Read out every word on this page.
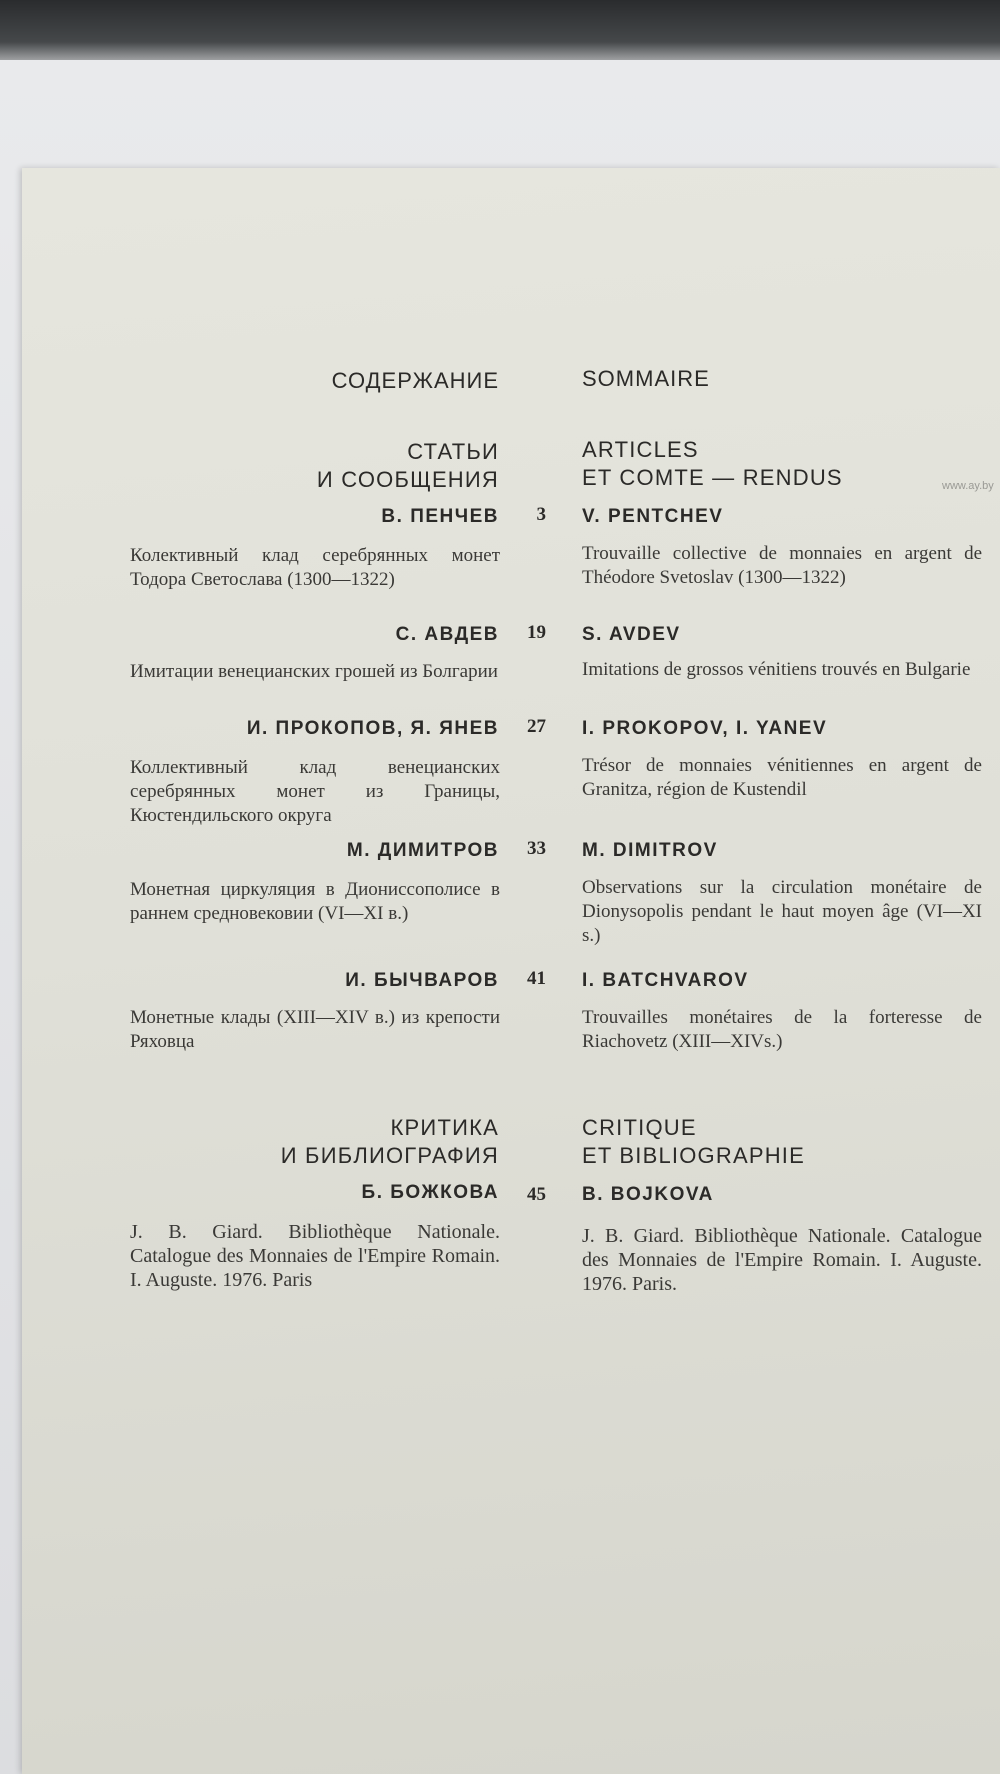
www.ay.by
СОДЕРЖАНИЕ	SOMMAIRE
СТАТЬИ
И СООБЩЕНИЯ
ARTICLES
ET COMTE — RENDUS
В. ПЕНЧЕВ	3 V. PENTCHEV
Колективный клад серебрянных монет Тодора Светослава (1300—1322)
Trouvaille collective de monnaies en argent de Théodore Svetoslav (1300—1322)
С. АВДЕВ	19 S. AVDEV
Имитации венецианских грошей из Болгарии	Imitations de grossos vénitiens trouvés en Bulgarie
И. ПРОКОПОВ, Я. ЯНЕВ	27 I. PROKOPOV, I. YANEV
Коллективный клад венецианских серебрянных монет из Границы, Кюстендильского округа
Trésor de monnaies vénitiennes en argent de Granitza, région de Kustendil
М. ДИМИТРОВ	33 M. DIMITROV
Монетная циркуляция в Дионисcополисе в раннем средновековии (VI—XI в.)
Observations sur la circulation monétaire de Dionysopolis pendant le haut moyen âge (VI—XI s.)
И. БЫЧВАРОВ	41 I. BATCHVAROV
Монетные клады (XIII—XIV в.) из крепости Ряховца
Trouvailles monétaires de la forteresse de Riachovetz (XIII—XIVs.)
КРИТИКА
И БИБЛИОГРАФИЯ
CRITIQUE
ET BIBLIOGRAPHIE
Б. БОЖКОВА	45 B. BOJKOVA
J. B. Giard. Bibliothèque Nationale. Catalogue des Monnaies de l'Empire Romain. I. Auguste. 1976. Paris
J. B. Giard. Bibliothèque Nationale. Catalogue des Monnaies de l'Empire Romain. I. Auguste. 1976. Paris.
